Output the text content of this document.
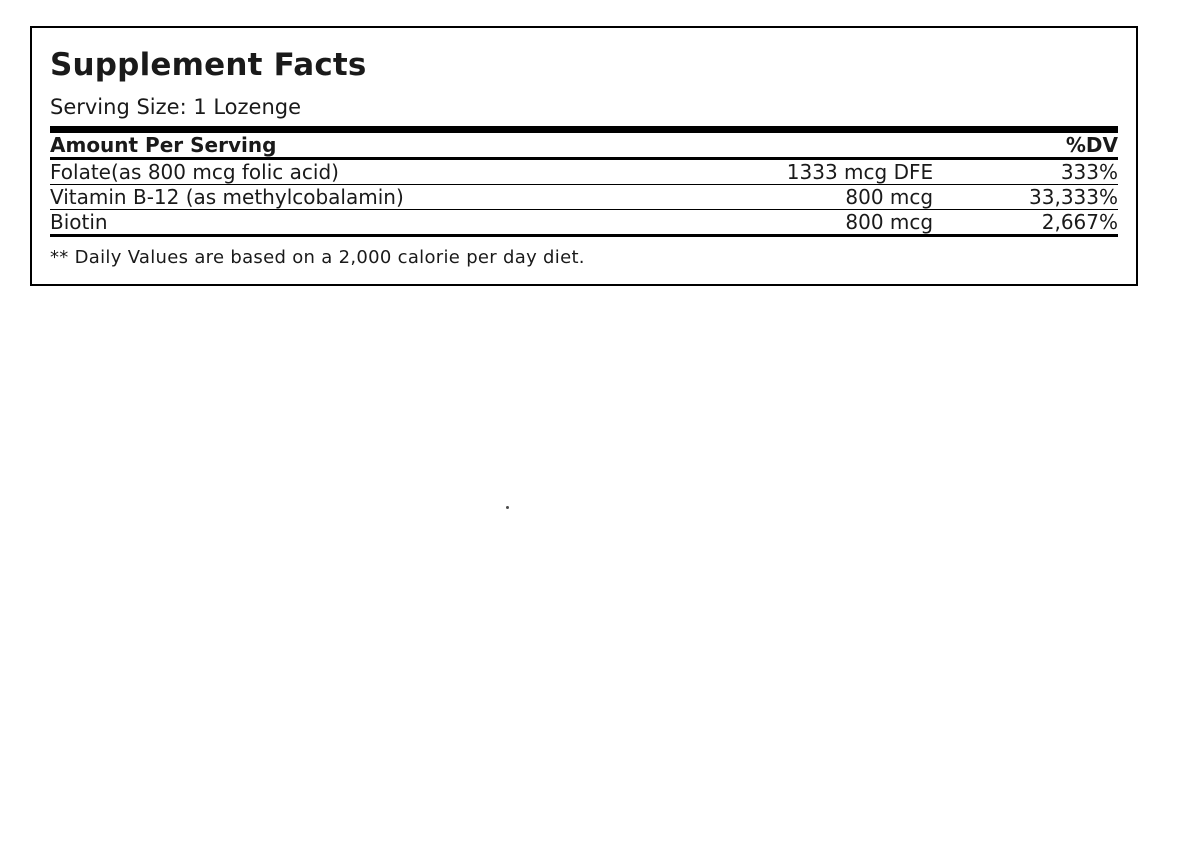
Supplement Facts
Serving Size: 1 Lozenge
Amount Per Serving		%DV
Folate(as 800 mcg folic acid)	1333 mcg DFE	333%
Vitamin B-12 (as methylcobalamin)	800 mcg	33,333%
Biotin	800 mcg	2,667%
** Daily Values are based on a 2,000 calorie per day diet.
